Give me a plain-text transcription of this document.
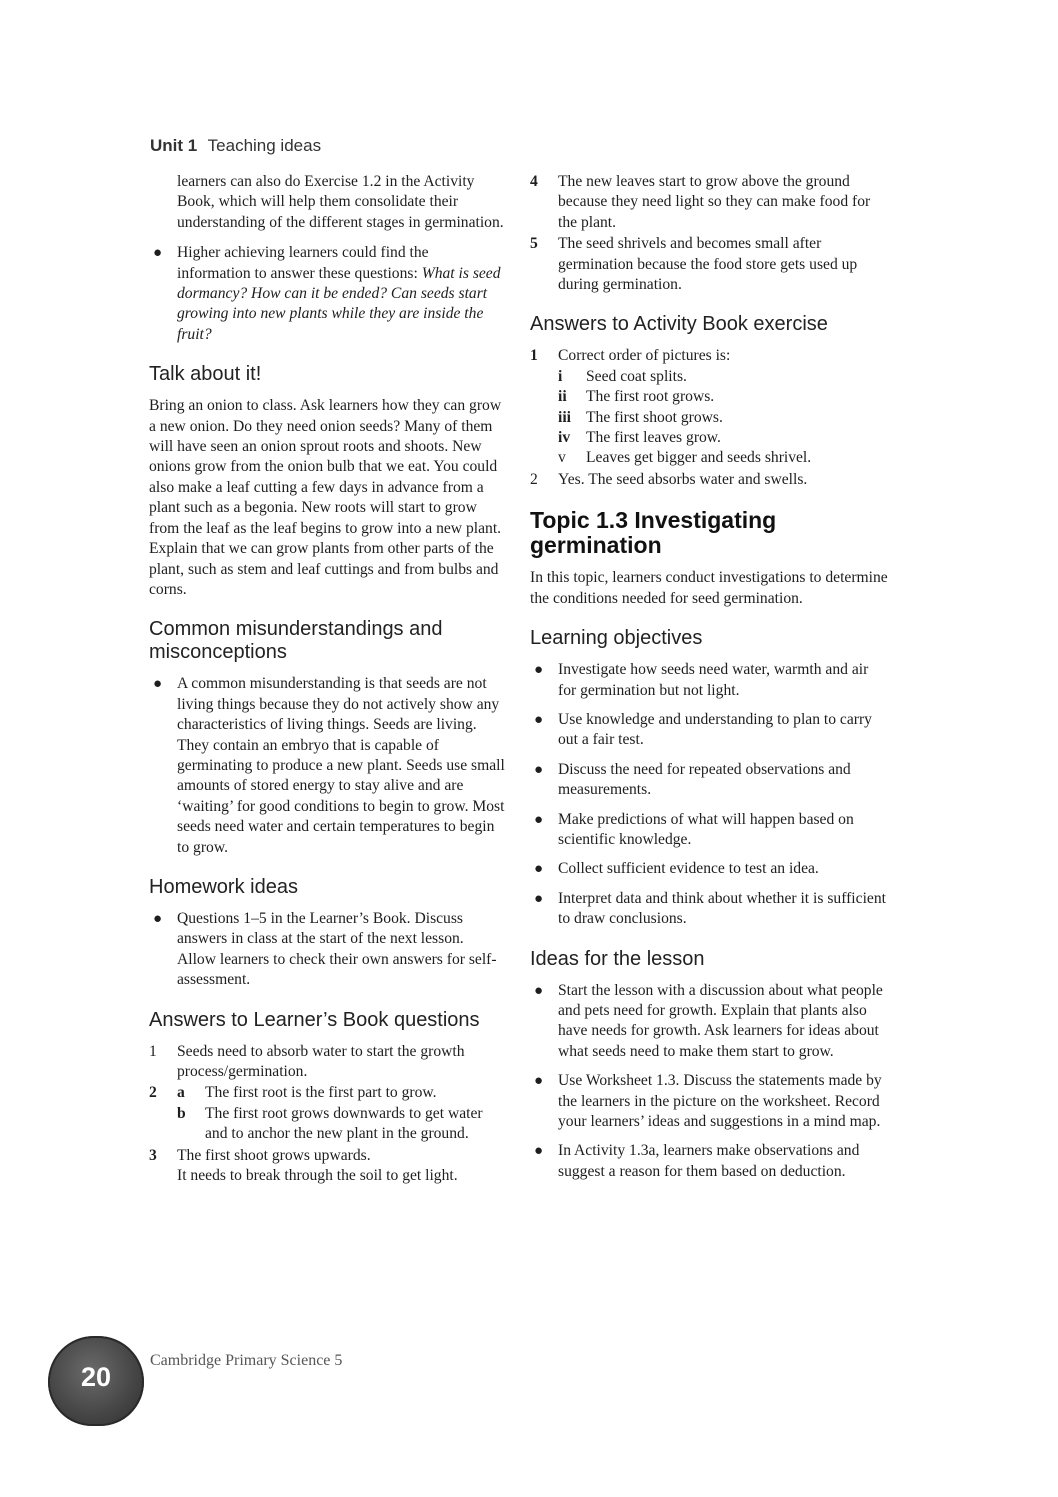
Unit 1 Teaching ideas
learners can also do Exercise 1.2 in the Activity Book, which will help them consolidate their understanding of the different stages in germination.
● Higher achieving learners could find the information to answer these questions: What is seed dormancy? How can it be ended? Can seeds start growing into new plants while they are inside the fruit?
Talk about it!

Bring an onion to class. Ask learners how they can grow a new onion. Do they need onion seeds? Many of them will have seen an onion sprout roots and shoots. New onions grow from the onion bulb that we eat. You could also make a leaf cutting a few days in advance from a plant such as a begonia. New roots will start to grow from the leaf as the leaf begins to grow into a new plant. Explain that we can grow plants from other parts of the plant, such as stem and leaf cuttings and from bulbs and corns.

Common misunderstandings and misconceptions
● A common misunderstanding is that seeds are not living things because they do not actively show any characteristics of living things. Seeds are living. They contain an embryo that is capable of germinating to produce a new plant. Seeds use small amounts of stored energy to stay alive and are ‘waiting’ for good conditions to begin to grow. Most seeds need water and certain temperatures to begin to grow.
Homework ideas
● Questions 1–5 in the Learner’s Book. Discuss answers in class at the start of the next lesson. Allow learners to check their own answers for self-assessment.
Answers to Learner’s Book questions
1 Seeds need to absorb water to start the growth process/germination.
2 a The first root is the first part to grow.
b The first root grows downwards to get water and to anchor the new plant in the ground.
3 The first shoot grows upwards.
It needs to break through the soil to get light.
4 The new leaves start to grow above the ground because they need light so they can make food for the plant.
5 The seed shrivels and becomes small after germination because the food store gets used up during germination.
Answers to Activity Book exercise
1 Correct order of pictures is:
i Seed coat splits.
ii The first root grows.
iii The first shoot grows.
iv The first leaves grow.
v Leaves get bigger and seeds shrivel.
2 Yes. The seed absorbs water and swells.
Topic 1.3 Investigating germination

In this topic, learners conduct investigations to determine the conditions needed for seed germination.

Learning objectives
● Investigate how seeds need water, warmth and air for germination but not light.
● Use knowledge and understanding to plan to carry out a fair test.
● Discuss the need for repeated observations and measurements.
● Make predictions of what will happen based on scientific knowledge.
● Collect sufficient evidence to test an idea.
● Interpret data and think about whether it is sufficient to draw conclusions.
Ideas for the lesson
● Start the lesson with a discussion about what people and pets need for growth. Explain that plants also have needs for growth. Ask learners for ideas about what seeds need to make them start to grow.
● Use Worksheet 1.3. Discuss the statements made by the learners in the picture on the worksheet. Record your learners’ ideas and suggestions in a mind map.
● In Activity 1.3a, learners make observations and suggest a reason for them based on deduction.
20
Cambridge Primary Science 5
